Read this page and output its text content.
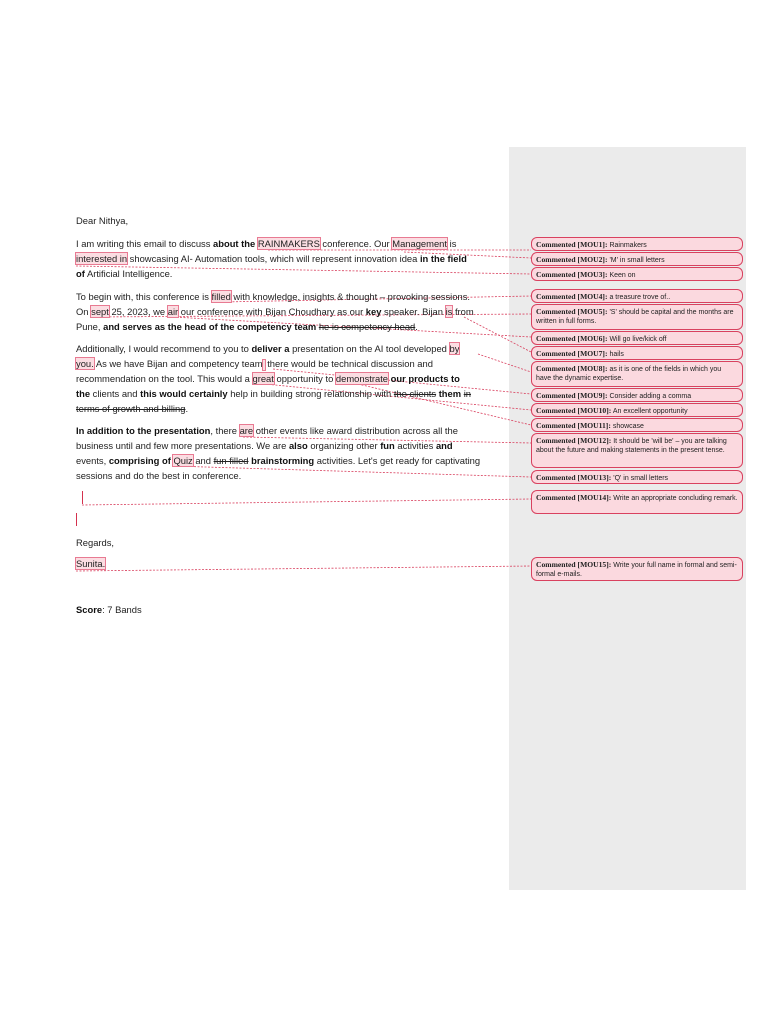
Dear Nithya,
I am writing this email to discuss about the RAINMAKERS conference. Our Management is
interested in showcasing AI- Automation tools, which will represent innovation idea in the field
of Artificial Intelligence.
To begin with, this conference is filled with knowledge, insights & thought – provoking sessions.
On sept 25, 2023, we air our conference with Bijan Choudhary as our key speaker. Bijan is from
Pune, and serves as the head of the competency team he is competency head.
Additionally, I would recommend to you to deliver a presentation on the AI tool developed by
you. As we have Bijan and competency team there would be technical discussion and
recommendation on the tool. This would a great opportunity to demonstrate our products to
the clients and this would certainly help in building strong relationship with the clients them in
terms of growth and billing.
In addition to the presentation, there are other events like award distribution across all the
business until and few more presentations. We are also organizing other fun activities and
events, comprising of Quiz and fun filled brainstorming activities. Let's get ready for captivating
sessions and do the best in conference.
Regards,
Sunita.
Score: 7 Bands
Commented [MOU1]: Rainmakers
Commented [MOU2]: 'M' in small letters
Commented [MOU3]: Keen on
Commented [MOU4]: a treasure trove of..
Commented [MOU5]: 'S' should be capital and the months are written in full forms.
Commented [MOU6]: Will go live/kick off
Commented [MOU7]: hails
Commented [MOU8]: as it is one of the fields in which you have the dynamic expertise.
Commented [MOU9]: Consider adding a comma
Commented [MOU10]: An excellent opportunity
Commented [MOU11]: showcase
Commented [MOU12]: It should be 'will be' – you are talking about the future and making statements in the present tense.
Commented [MOU13]: 'Q' in small letters
Commented [MOU14]: Write an appropriate concluding remark.
Commented [MOU15]: Write your full name in formal and semi-formal e-mails.
